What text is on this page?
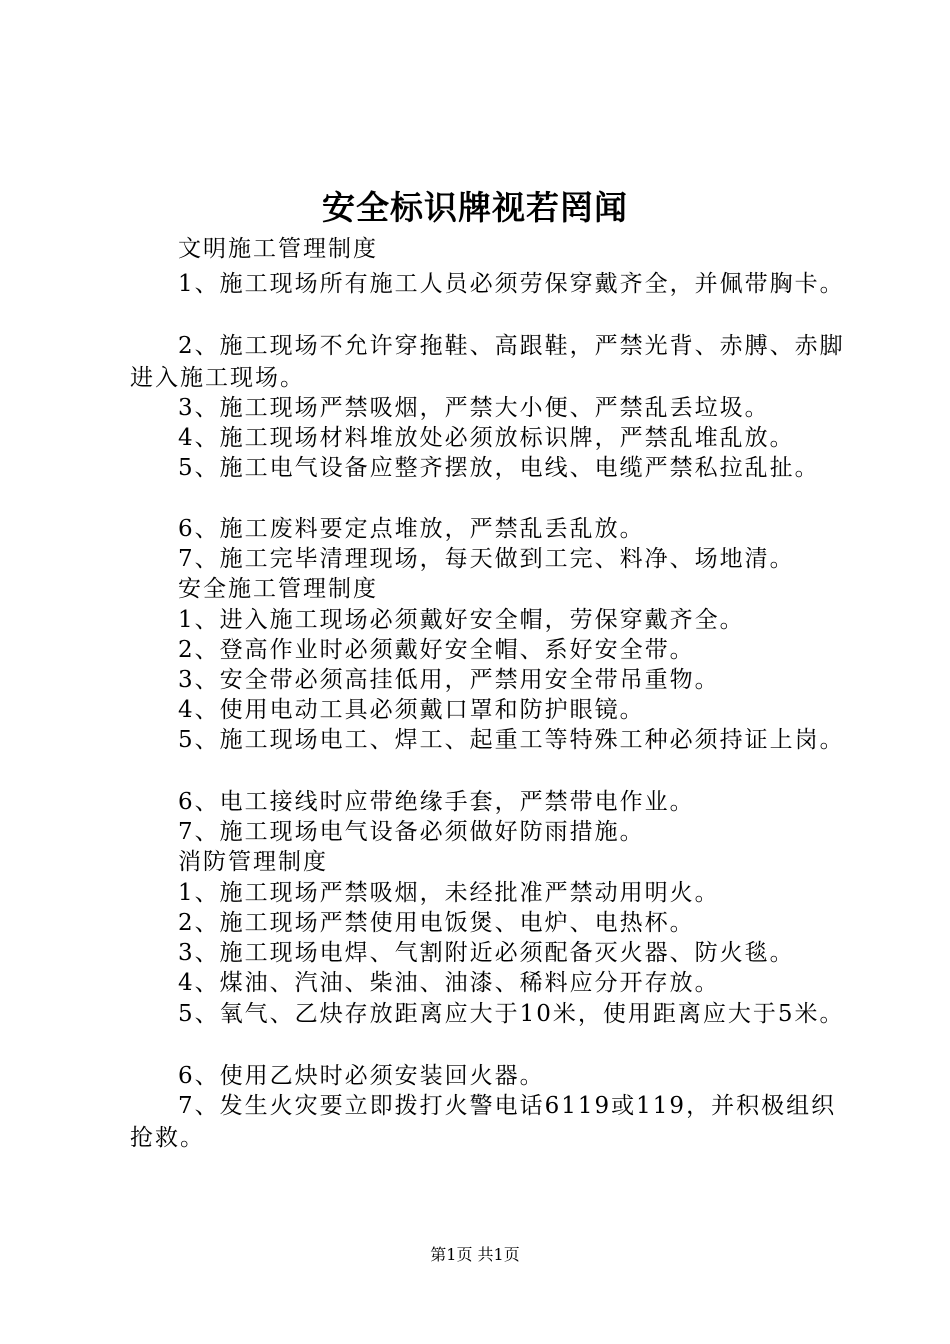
安全标识牌视若罔闻
文明施工管理制度
1、施工现场所有施工人员必须劳保穿戴齐全，并佩带胸卡。
2、施工现场不允许穿拖鞋、高跟鞋，严禁光背、赤膊、赤脚进入施工现场。
3、施工现场严禁吸烟，严禁大小便、严禁乱丢垃圾。
4、施工现场材料堆放处必须放标识牌，严禁乱堆乱放。
5、施工电气设备应整齐摆放，电线、电缆严禁私拉乱扯。
6、施工废料要定点堆放，严禁乱丢乱放。
7、施工完毕清理现场，每天做到工完、料净、场地清。
安全施工管理制度
1、进入施工现场必须戴好安全帽，劳保穿戴齐全。
2、登高作业时必须戴好安全帽、系好安全带。
3、安全带必须高挂低用，严禁用安全带吊重物。
4、使用电动工具必须戴口罩和防护眼镜。
5、施工现场电工、焊工、起重工等特殊工种必须持证上岗。
6、电工接线时应带绝缘手套，严禁带电作业。
7、施工现场电气设备必须做好防雨措施。
消防管理制度
1、施工现场严禁吸烟，未经批准严禁动用明火。
2、施工现场严禁使用电饭煲、电炉、电热杯。
3、施工现场电焊、气割附近必须配备灭火器、防火毯。
4、煤油、汽油、柴油、油漆、稀料应分开存放。
5、氧气、乙炔存放距离应大于10米，使用距离应大于5米。
6、使用乙炔时必须安装回火器。
7、发生火灾要立即拨打火警电话6119或119，并积极组织抢救。
第1页 共1页
